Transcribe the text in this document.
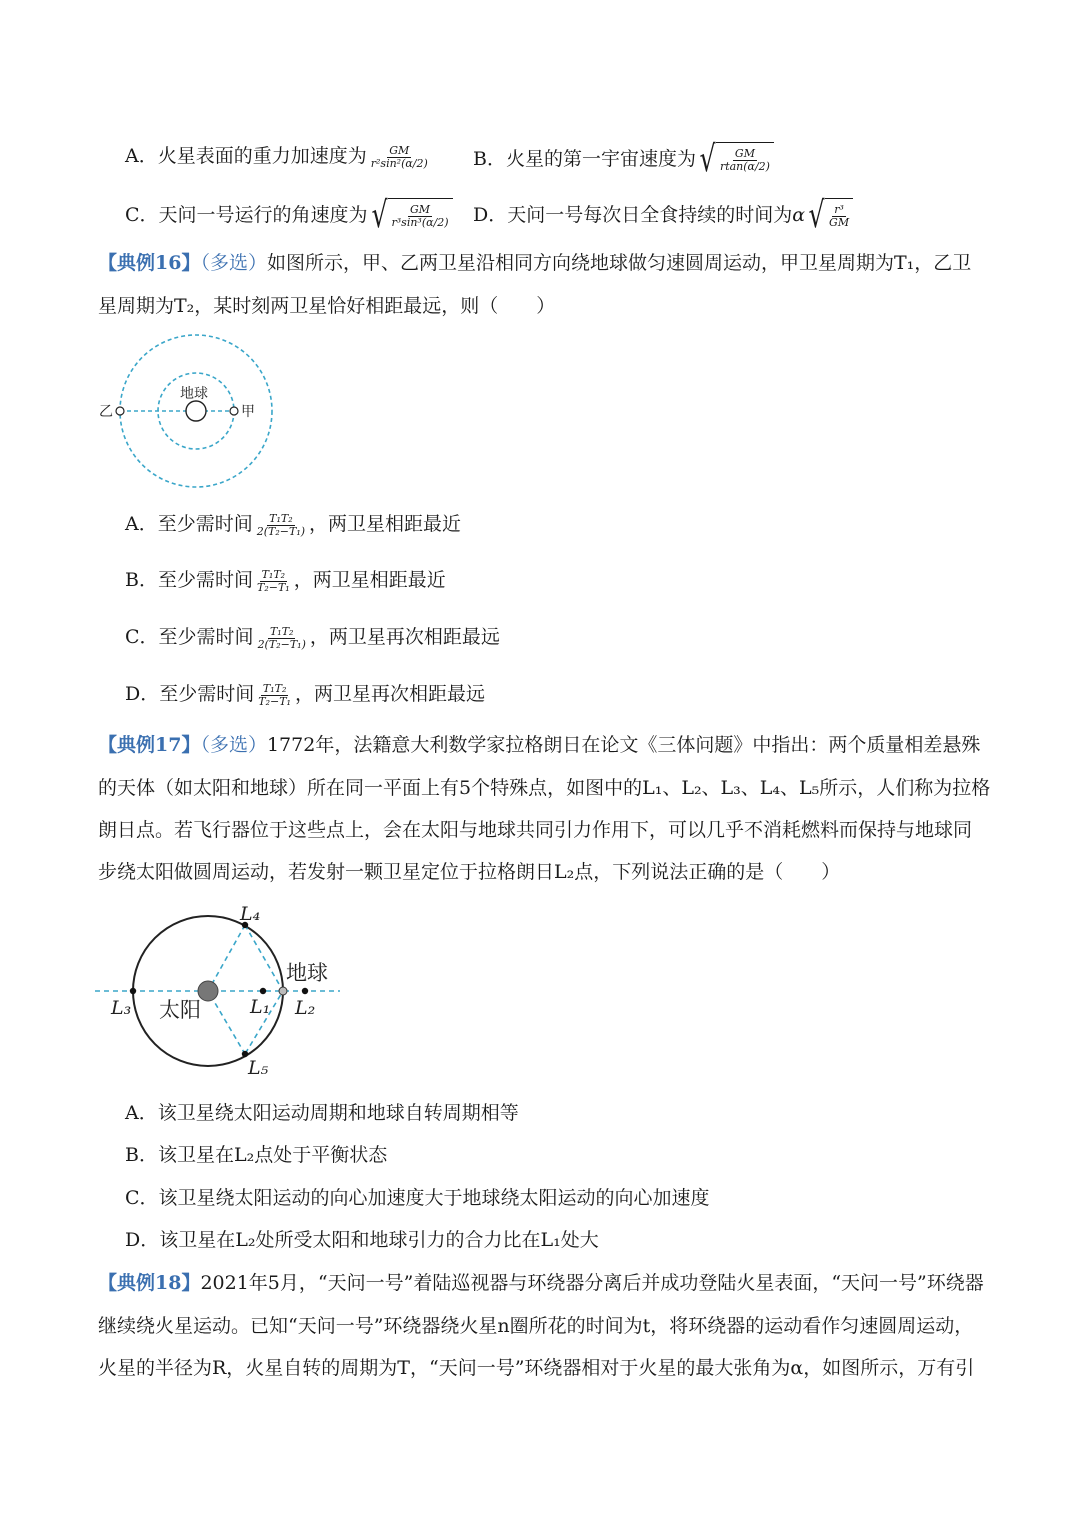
A．火星表面的重力加速度为 $\frac{GM}{\text{r²sin²(α/2)}}$ B．火星的第一宇宙速度为 √ $\frac{GM}{rtan(\alpha/2)}$
C．天问一号运行的角速度为 √ $\frac{GM}{\text{r³sin³(α/2)}}$ D．天问一号每次日全食持续的时间为α √ $\frac{\text{r³}}{GM}$
【典例16】（多选）如图所示，甲、乙两卫星沿相同方向绕地球做匀速圆周运动，甲卫星周期为T₁，乙卫
星周期为T₂，某时刻两卫星恰好相距最远，则（　　）
地球
乙	甲
A．至少需时间 $\frac{\text{T₁T₂}}{\text{2(T₂−T₁)}}$ ，两卫星相距最近
B．至少需时间 $\frac{\text{T₁T₂}}{\text{T₂−T₁}}$ ，两卫星相距最近
C．至少需时间 $\frac{\text{T₁T₂}}{\text{2(T₂−T₁)}}$ ，两卫星再次相距最远
D．至少需时间 $\frac{\text{T₁T₂}}{\text{T₂−T₁}}$ ，两卫星再次相距最远
【典例17】（多选）1772年，法籍意大利数学家拉格朗日在论文《三体问题》中指出：两个质量相差悬殊
的天体（如太阳和地球）所在同一平面上有5个特殊点，如图中的L₁、L₂、L₃、L₄、L₅所示，人们称为拉格
朗日点。若飞行器位于这些点上，会在太阳与地球共同引力作用下，可以几乎不消耗燃料而保持与地球同
步绕太阳做圆周运动，若发射一颗卫星定位于拉格朗日L₂点，下列说法正确的是（　　）
太阳
地球
L₃	L₁ L₂
L₄
L₅
A．该卫星绕太阳运动周期和地球自转周期相等
B．该卫星在L₂点处于平衡状态
C．该卫星绕太阳运动的向心加速度大于地球绕太阳运动的向心加速度
D．该卫星在L₂处所受太阳和地球引力的合力比在L₁处大
【典例18】2021年5月，“天问一号”着陆巡视器与环绕器分离后并成功登陆火星表面，“天问一号”环绕器
继续绕火星运动。已知“天问一号”环绕器绕火星n圈所花的时间为t，将环绕器的运动看作匀速圆周运动，
火星的半径为R，火星自转的周期为T，“天问一号”环绕器相对于火星的最大张角为α，如图所示，万有引
